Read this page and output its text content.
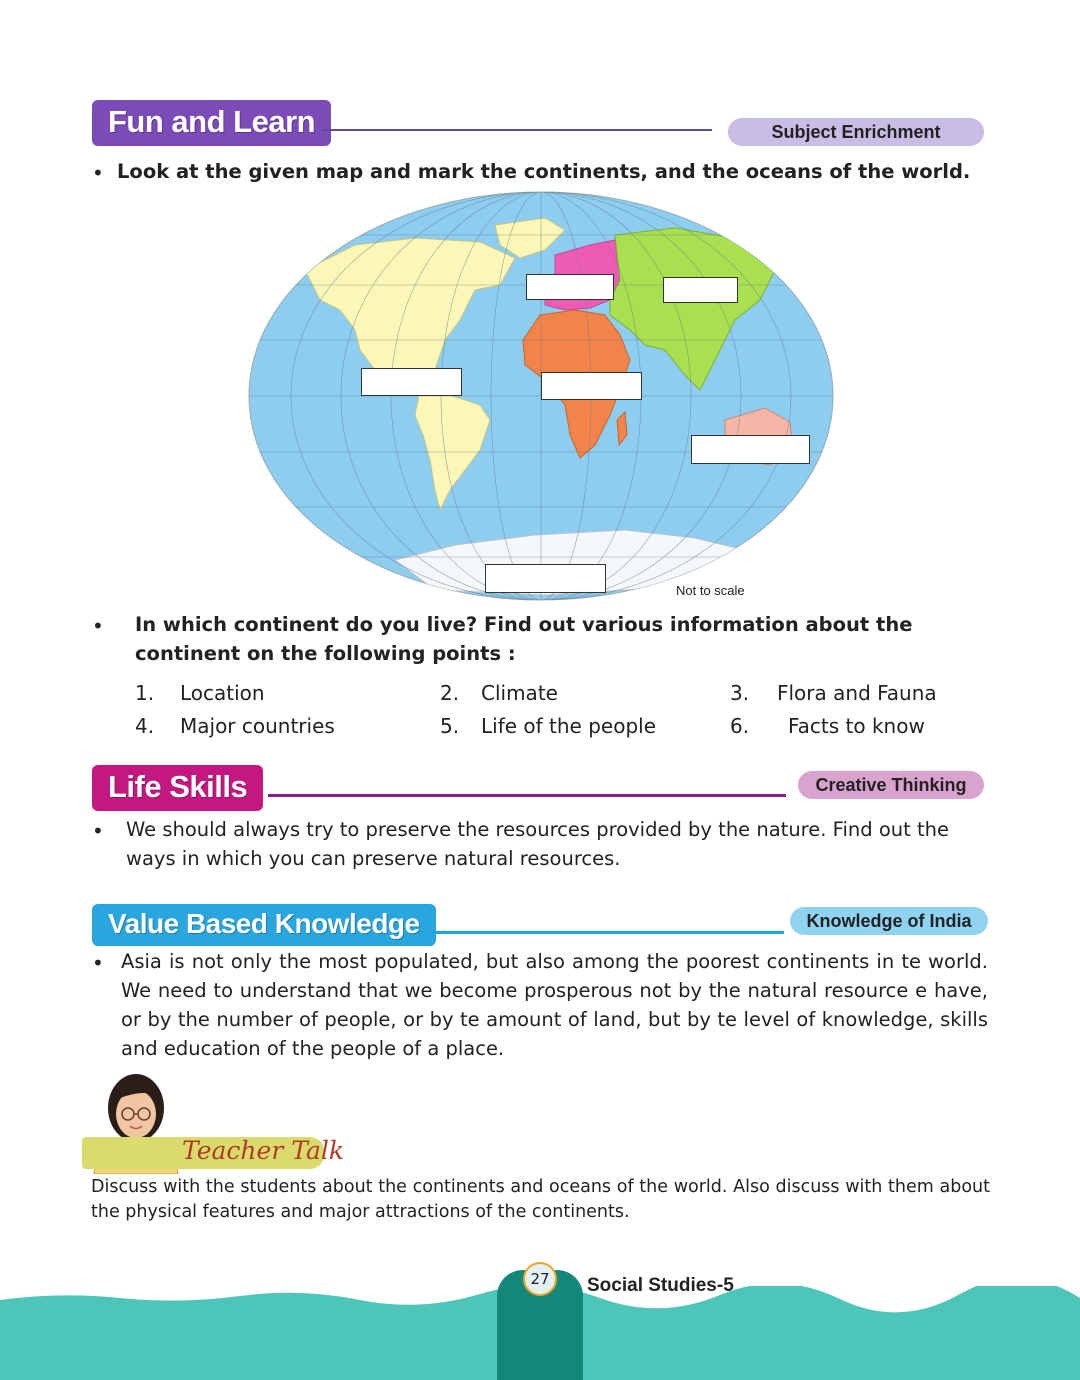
Fun and Learn	Subject Enrichment
• Look at the given map and mark the continents, and the oceans of the world.
Not to scale
• In which continent do you live? Find out various information about the continent on the following points :
1. Location	2. Climate	3. Flora and Fauna
4. Major countries	5. Life of the people	6. Facts to know
Life Skills	Creative Thinking
• We should always try to preserve the resources provided by the nature. Find out the ways in which you can preserve natural resources.
Value Based Knowledge	Knowledge of India
• Asia is not only the most populated, but also among the poorest continents in te world. We need to understand that we become prosperous not by the natural resource e have, or by the number of people, or by te amount of land, but by te level of knowledge, skills and education of the people of a place.
Teacher Talk
Discuss with the students about the continents and oceans of the world. Also discuss with them about the physical features and major attractions of the continents.
27	Social Studies-5
